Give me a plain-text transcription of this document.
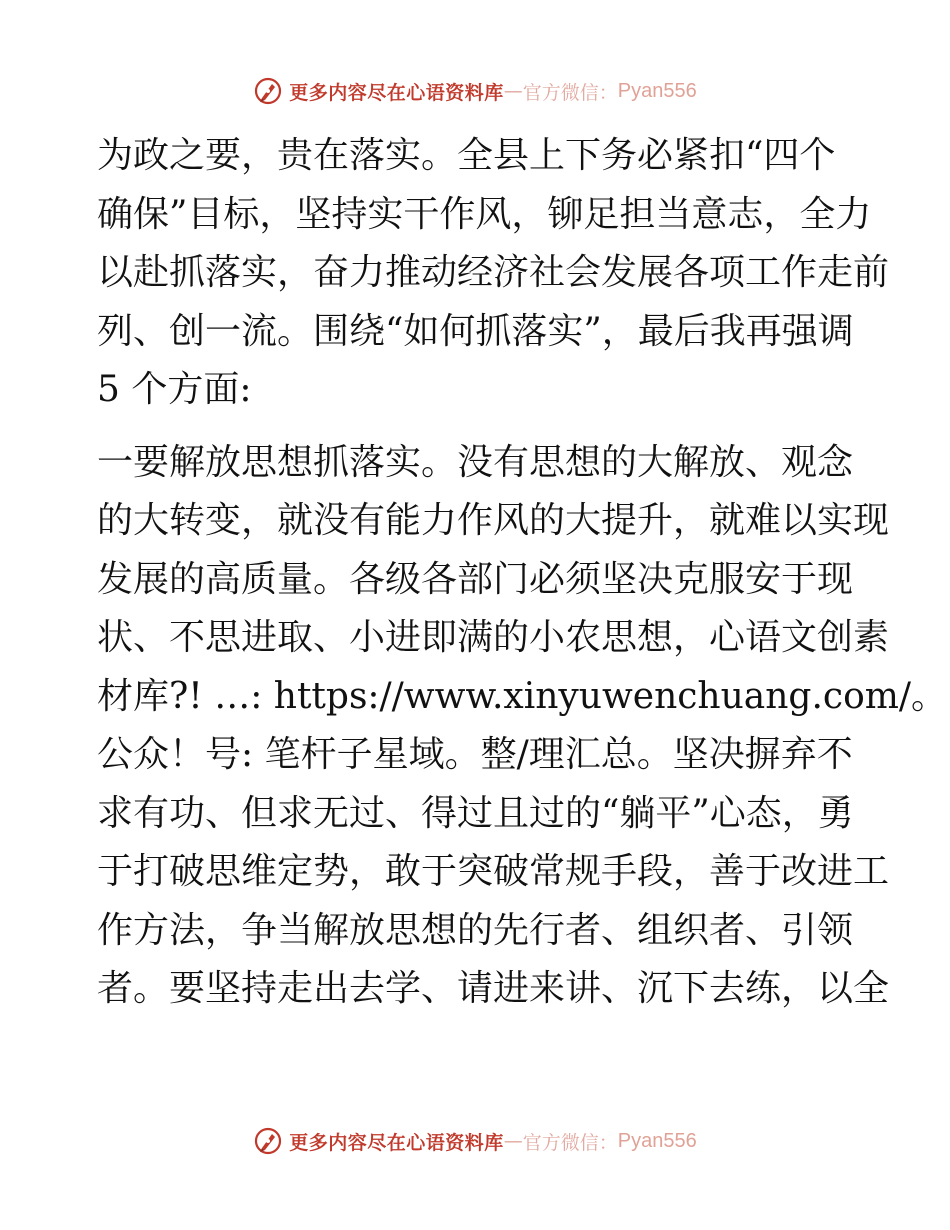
更多内容尽在心语资料库 — 官方微信： Pyan556
为政之要，贵在落实。全县上下务必紧扣“四个
确保”目标，坚持实干作风，铆足担当意志，全力
以赴抓落实，奋力推动经济社会发展各项工作走前
列、创一流。围绕“如何抓落实”，最后我再强调
5 个方面:
一要解放思想抓落实。没有思想的大解放、观念
的大转变，就没有能力作风的大提升，就难以实现
发展的高质量。各级各部门必须坚决克服安于现
状、不思进取、小进即满的小农思想，心语文创素
材库?! …: https://www.xinyuwenchuang.com/。
公众！号: 笔杆子星域。整/理汇总。坚决摒弃不
求有功、但求无过、得过且过的“躺平”心态，勇
于打破思维定势，敢于突破常规手段，善于改进工
作方法，争当解放思想的先行者、组织者、引领
者。要坚持走出去学、请进来讲、沉下去练，以全
更多内容尽在心语资料库 — 官方微信： Pyan556
